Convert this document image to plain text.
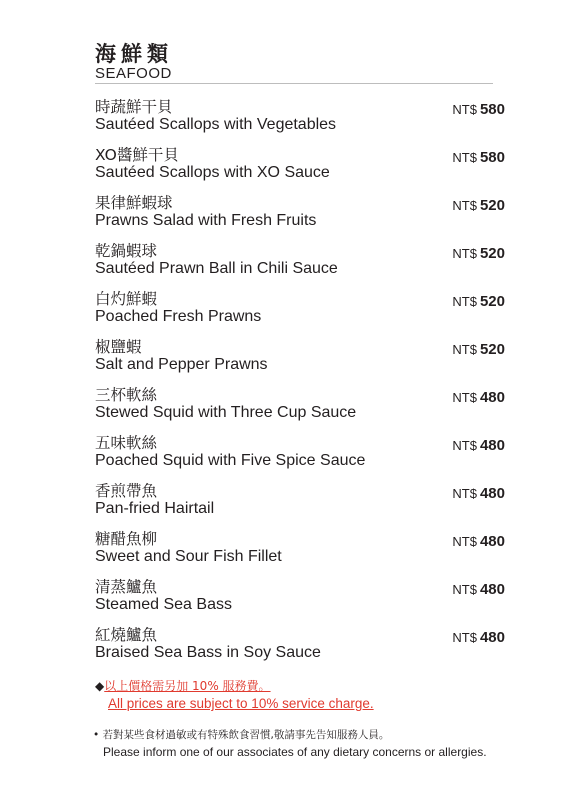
海鮮類
SEAFOOD
時蔬鮮干貝
Sautéed Scallops with Vegetables
NT$ 580
XO醬鮮干貝
Sautéed Scallops with XO Sauce
NT$ 580
果律鮮蝦球
Prawns Salad with Fresh Fruits
NT$ 520
乾鍋蝦球
Sautéed Prawn Ball in Chili Sauce
NT$ 520
白灼鮮蝦
Poached Fresh Prawns
NT$ 520
椒鹽蝦
Salt and Pepper Prawns
NT$ 520
三杯軟絲
Stewed Squid with Three Cup Sauce
NT$ 480
五味軟絲
Poached Squid with Five Spice Sauce
NT$ 480
香煎帶魚
Pan-fried Hairtail
NT$ 480
糖醋魚柳
Sweet and Sour Fish Fillet
NT$ 480
清蒸鱸魚
Steamed Sea Bass
NT$ 480
紅燒鱸魚
Braised Sea Bass in Soy Sauce
NT$ 480
◆以上價格需另加 10% 服務費。
All prices are subject to 10% service charge.
• 若對某些食材過敏或有特殊飲食習慣,敬請事先告知服務人員。
Please inform one of our associates of any dietary concerns or allergies.
